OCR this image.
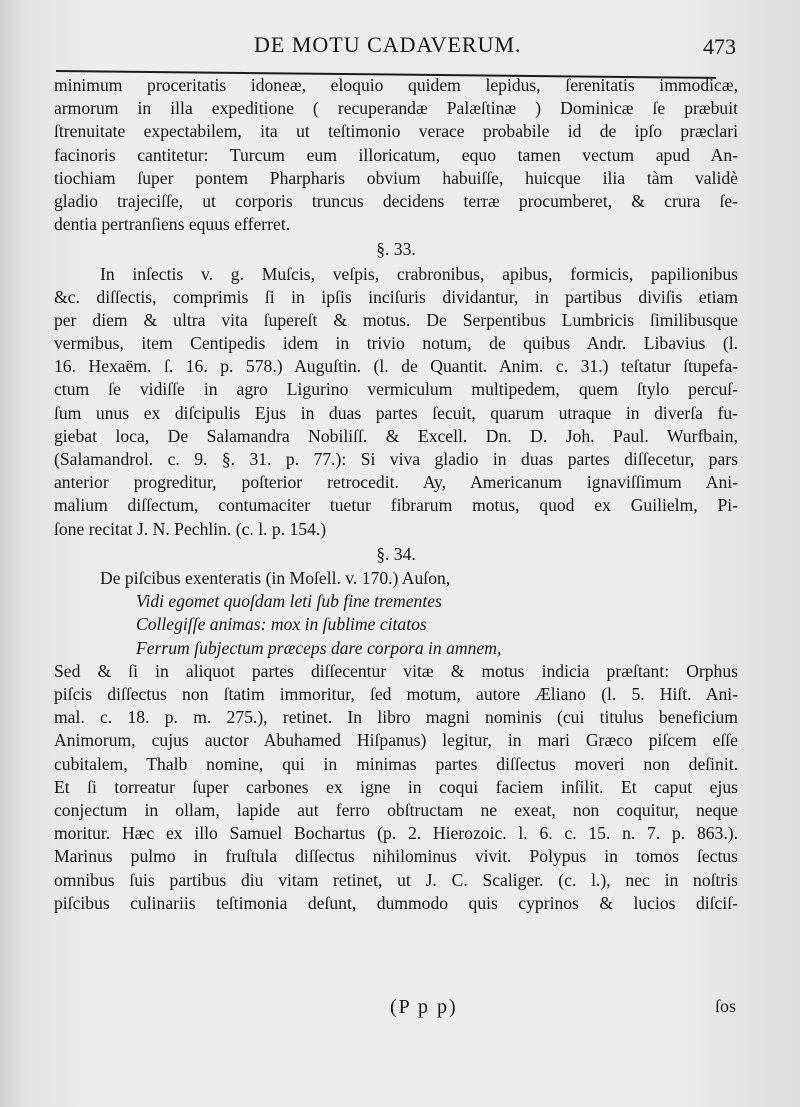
DE MOTU CADAVERUM.	473
minimum proceritatis idoneæ, eloquio quidem lepidus, ſerenitatis immodicæ,
armorum in illa expeditione ( recuperandæ Palæſtinæ ) Dominicæ ſe præbuit
ſtrenuitate expectabilem, ita ut teſtimonio verace probabile id de ipſo præclari
facinoris cantitetur: Turcum eum illoricatum, equo tamen vectum apud An-
tiochiam ſuper pontem Pharpharis obvium habuiſſe, huicque ilia tàm validè
gladio trajeciſſe, ut corporis truncus decidens terræ procumberet, & crura ſe-
dentia pertranſiens equus efferret.
§. 33.
In inſectis v. g. Muſcis, veſpis, crabronibus, apibus, formicis, papilionibus
&c. diſſectis, comprimis ſi in ipſis inciſuris dividantur, in partibus diviſis etiam
per diem & ultra vita ſupereſt & motus. De Serpentibus Lumbricis ſimilibusque
vermibus, item Centipedis idem in trivio notum, de quibus Andr. Libavius (l.
16. Hexaëm. ſ. 16. p. 578.) Auguſtin. (l. de Quantit. Anim. c. 31.) teſtatur ſtupefa-
ctum ſe vidiſſe in agro Ligurino vermiculum multipedem, quem ſtylo percuſ-
ſum unus ex diſcipulis Ejus in duas partes ſecuit, quarum utraque in diverſa fu-
giebat loca, De Salamandra Nobiliſſ. & Excell. Dn. D. Joh. Paul. Wurfbain,
(Salamandrol. c. 9. §. 31. p. 77.): Si viva gladio in duas partes diſſecetur, pars
anterior progreditur, poſterior retrocedit. Ay, Americanum ignaviſſimum Ani-
malium diſſectum, contumaciter tuetur fibrarum motus, quod ex Guilielm, Pi-
ſone recitat J. N. Pechlin. (c. l. p. 154.)
§. 34.
De piſcibus exenteratis (in Moſell. v. 170.) Auſon,
Vidi egomet quoſdam leti ſub fine trementes
Collegiſſe animas: mox in ſublime citatos
Ferrum ſubjectum præceps dare corpora in amnem,
Sed & ſi in aliquot partes diſſecentur vitæ & motus indicia præſtant: Orphus
piſcis diſſectus non ſtatim immoritur, ſed motum, autore Æliano (l. 5. Hiſt. Ani-
mal. c. 18. p. m. 275.), retinet. In libro magni nominis (cui titulus beneficium
Animorum, cujus auctor Abuhamed Hiſpanus) legitur, in mari Græco piſcem eſſe
cubitalem, Thalb nomine, qui in minimas partes diſſectus moveri non deſinit.
Et ſi torreatur ſuper carbones ex igne in coqui faciem inſilit. Et caput ejus
conjectum in ollam, lapide aut ferro obſtructam ne exeat, non coquitur, neque
moritur. Hæc ex illo Samuel Bochartus (p. 2. Hierozoic. l. 6. c. 15. n. 7. p. 863.).
Marinus pulmo in fruſtula diſſectus nihilominus vivit. Polypus in tomos ſectus
omnibus ſuis partibus diu vitam retinet, ut J. C. Scaliger. (c. l.), nec in noſtris
piſcibus culinariis teſtimonia deſunt, dummodo quis cyprinos & lucios diſciſ-
(P p p)	ſos
